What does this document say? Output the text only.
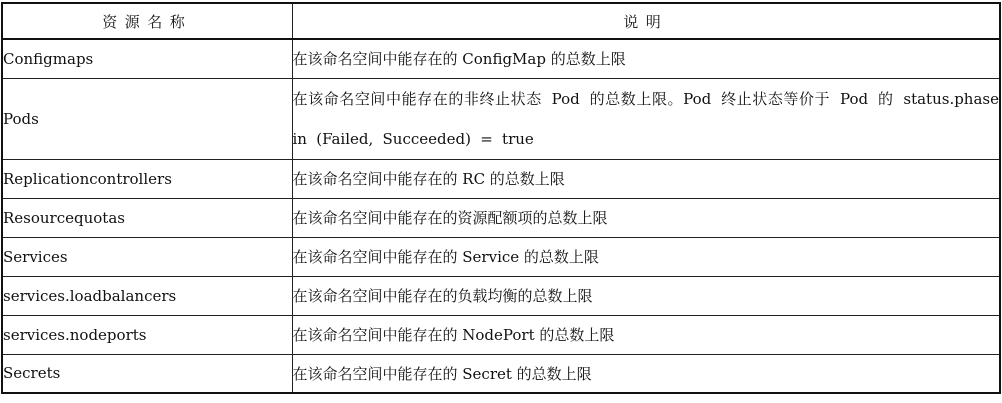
资源名称	说明
Configmaps	在该命名空间中能存在的 ConfigMap 的总数上限
Pods	在该命名空间中能存在的非终止状态 Pod 的总数上限。Pod 终止状态等价于 Pod 的 status.phase in (Failed, Succeeded) = true
Replicationcontrollers	在该命名空间中能存在的 RC 的总数上限
Resourcequotas	在该命名空间中能存在的资源配额项的总数上限
Services	在该命名空间中能存在的 Service 的总数上限
services.loadbalancers	在该命名空间中能存在的负载均衡的总数上限
services.nodeports	在该命名空间中能存在的 NodePort 的总数上限
Secrets	在该命名空间中能存在的 Secret 的总数上限
